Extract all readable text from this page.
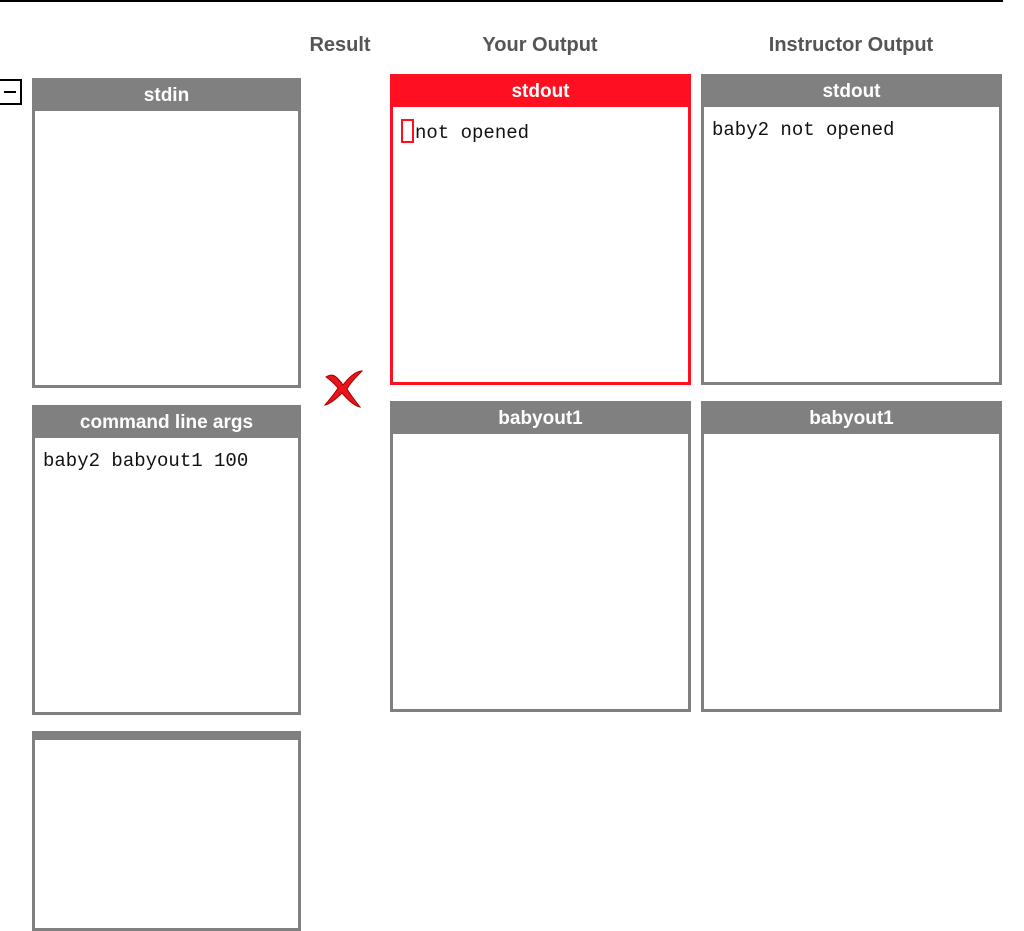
Result	Your Output	Instructor Output
stdin
command line args
baby2 babyout1 100
stdout
not opened
babyout1
stdout
baby2 not opened
babyout1
